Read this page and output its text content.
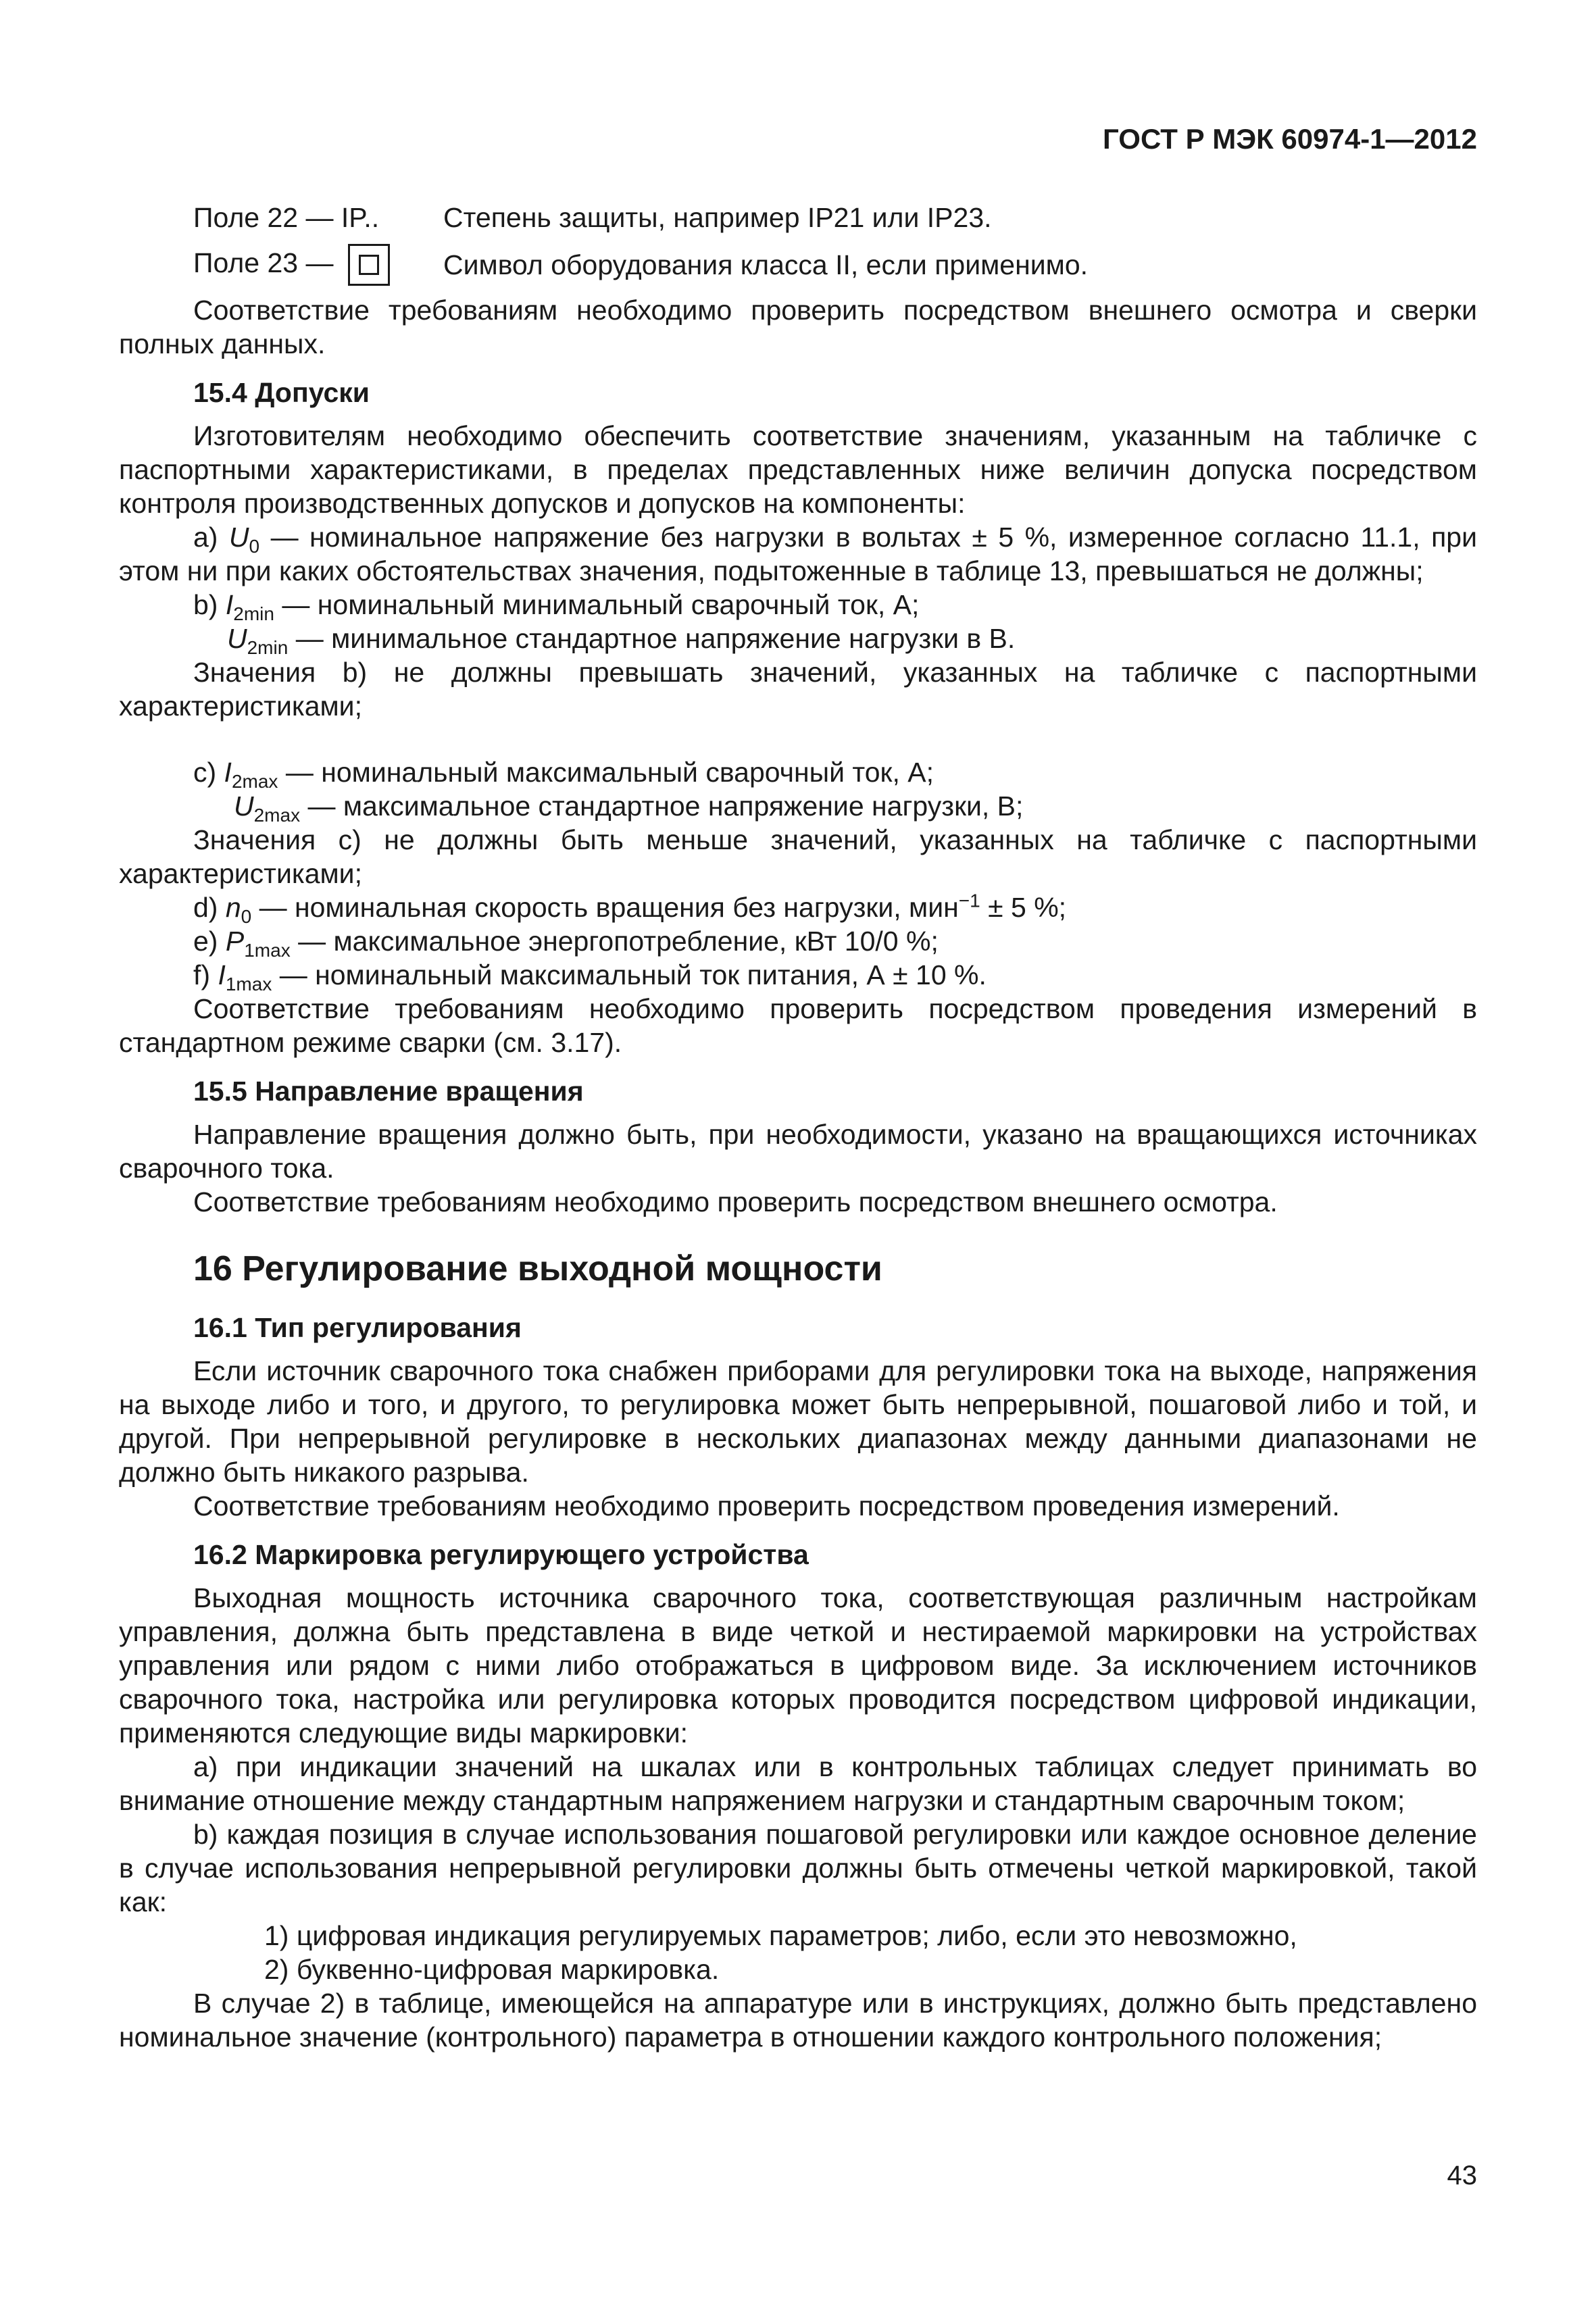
ГОСТ Р МЭК 60974-1—2012
Поле 22 — IP..	Степень защиты, например IP21 или IP23.
Поле 23 —	Символ оборудования класса II, если применимо.

Соответствие требованиям необходимо проверить посредством внешнего осмотра и сверки полных данных.

15.4 Допуски

Изготовителям необходимо обеспечить соответствие значениям, указанным на табличке с паспортными характеристиками, в пределах представленных ниже величин допуска посредством контроля производственных допусков и допусков на компоненты:

a) $U_0$ — номинальное напряжение без нагрузки в вольтах ± 5 %, измеренное согласно 11.1, при этом ни при каких обстоятельствах значения, подытоженные в таблице 13, превышаться не должны;

b) $I_{2min}$ — номинальный минимальный сварочный ток, А;

$U_{2min}$ — минимальное стандартное напряжение нагрузки в В.

Значения b) не должны превышать значений, указанных на табличке с паспортными характеристиками;

c) $I_{2max}$ — номинальный максимальный сварочный ток, А;

$U_{2max}$ — максимальное стандартное напряжение нагрузки, В;

Значения c) не должны быть меньше значений, указанных на табличке с паспортными характеристиками;

d) $n_0$ — номинальная скорость вращения без нагрузки, мин$^{-1}$ ± 5 %;

e) $P_{1max}$ — максимальное энергопотребление, кВт 10/0 %;

f) $I_{1max}$ — номинальный максимальный ток питания, А ± 10 %.

Соответствие требованиям необходимо проверить посредством проведения измерений в стандартном режиме сварки (см. 3.17).

15.5 Направление вращения

Направление вращения должно быть, при необходимости, указано на вращающихся источниках сварочного тока.

Соответствие требованиям необходимо проверить посредством внешнего осмотра.

16 Регулирование выходной мощности
16.1 Тип регулирования

Если источник сварочного тока снабжен приборами для регулировки тока на выходе, напряжения на выходе либо и того, и другого, то регулировка может быть непрерывной, пошаговой либо и той, и другой. При непрерывной регулировке в нескольких диапазонах между данными диапазонами не должно быть никакого разрыва.

Соответствие требованиям необходимо проверить посредством проведения измерений.

16.2 Маркировка регулирующего устройства

Выходная мощность источника сварочного тока, соответствующая различным настройкам управления, должна быть представлена в виде четкой и нестираемой маркировки на устройствах управления или рядом с ними либо отображаться в цифровом виде. За исключением источников сварочного тока, настройка или регулировка которых проводится посредством цифровой индикации, применяются следующие виды маркировки:

a) при индикации значений на шкалах или в контрольных таблицах следует принимать во внимание отношение между стандартным напряжением нагрузки и стандартным сварочным током;

b) каждая позиция в случае использования пошаговой регулировки или каждое основное деление в случае использования непрерывной регулировки должны быть отмечены четкой маркировкой, такой как:

1) цифровая индикация регулируемых параметров; либо, если это невозможно,

2) буквенно-цифровая маркировка.

В случае 2) в таблице, имеющейся на аппаратуре или в инструкциях, должно быть представлено номинальное значение (контрольного) параметра в отношении каждого контрольного положения;

43
